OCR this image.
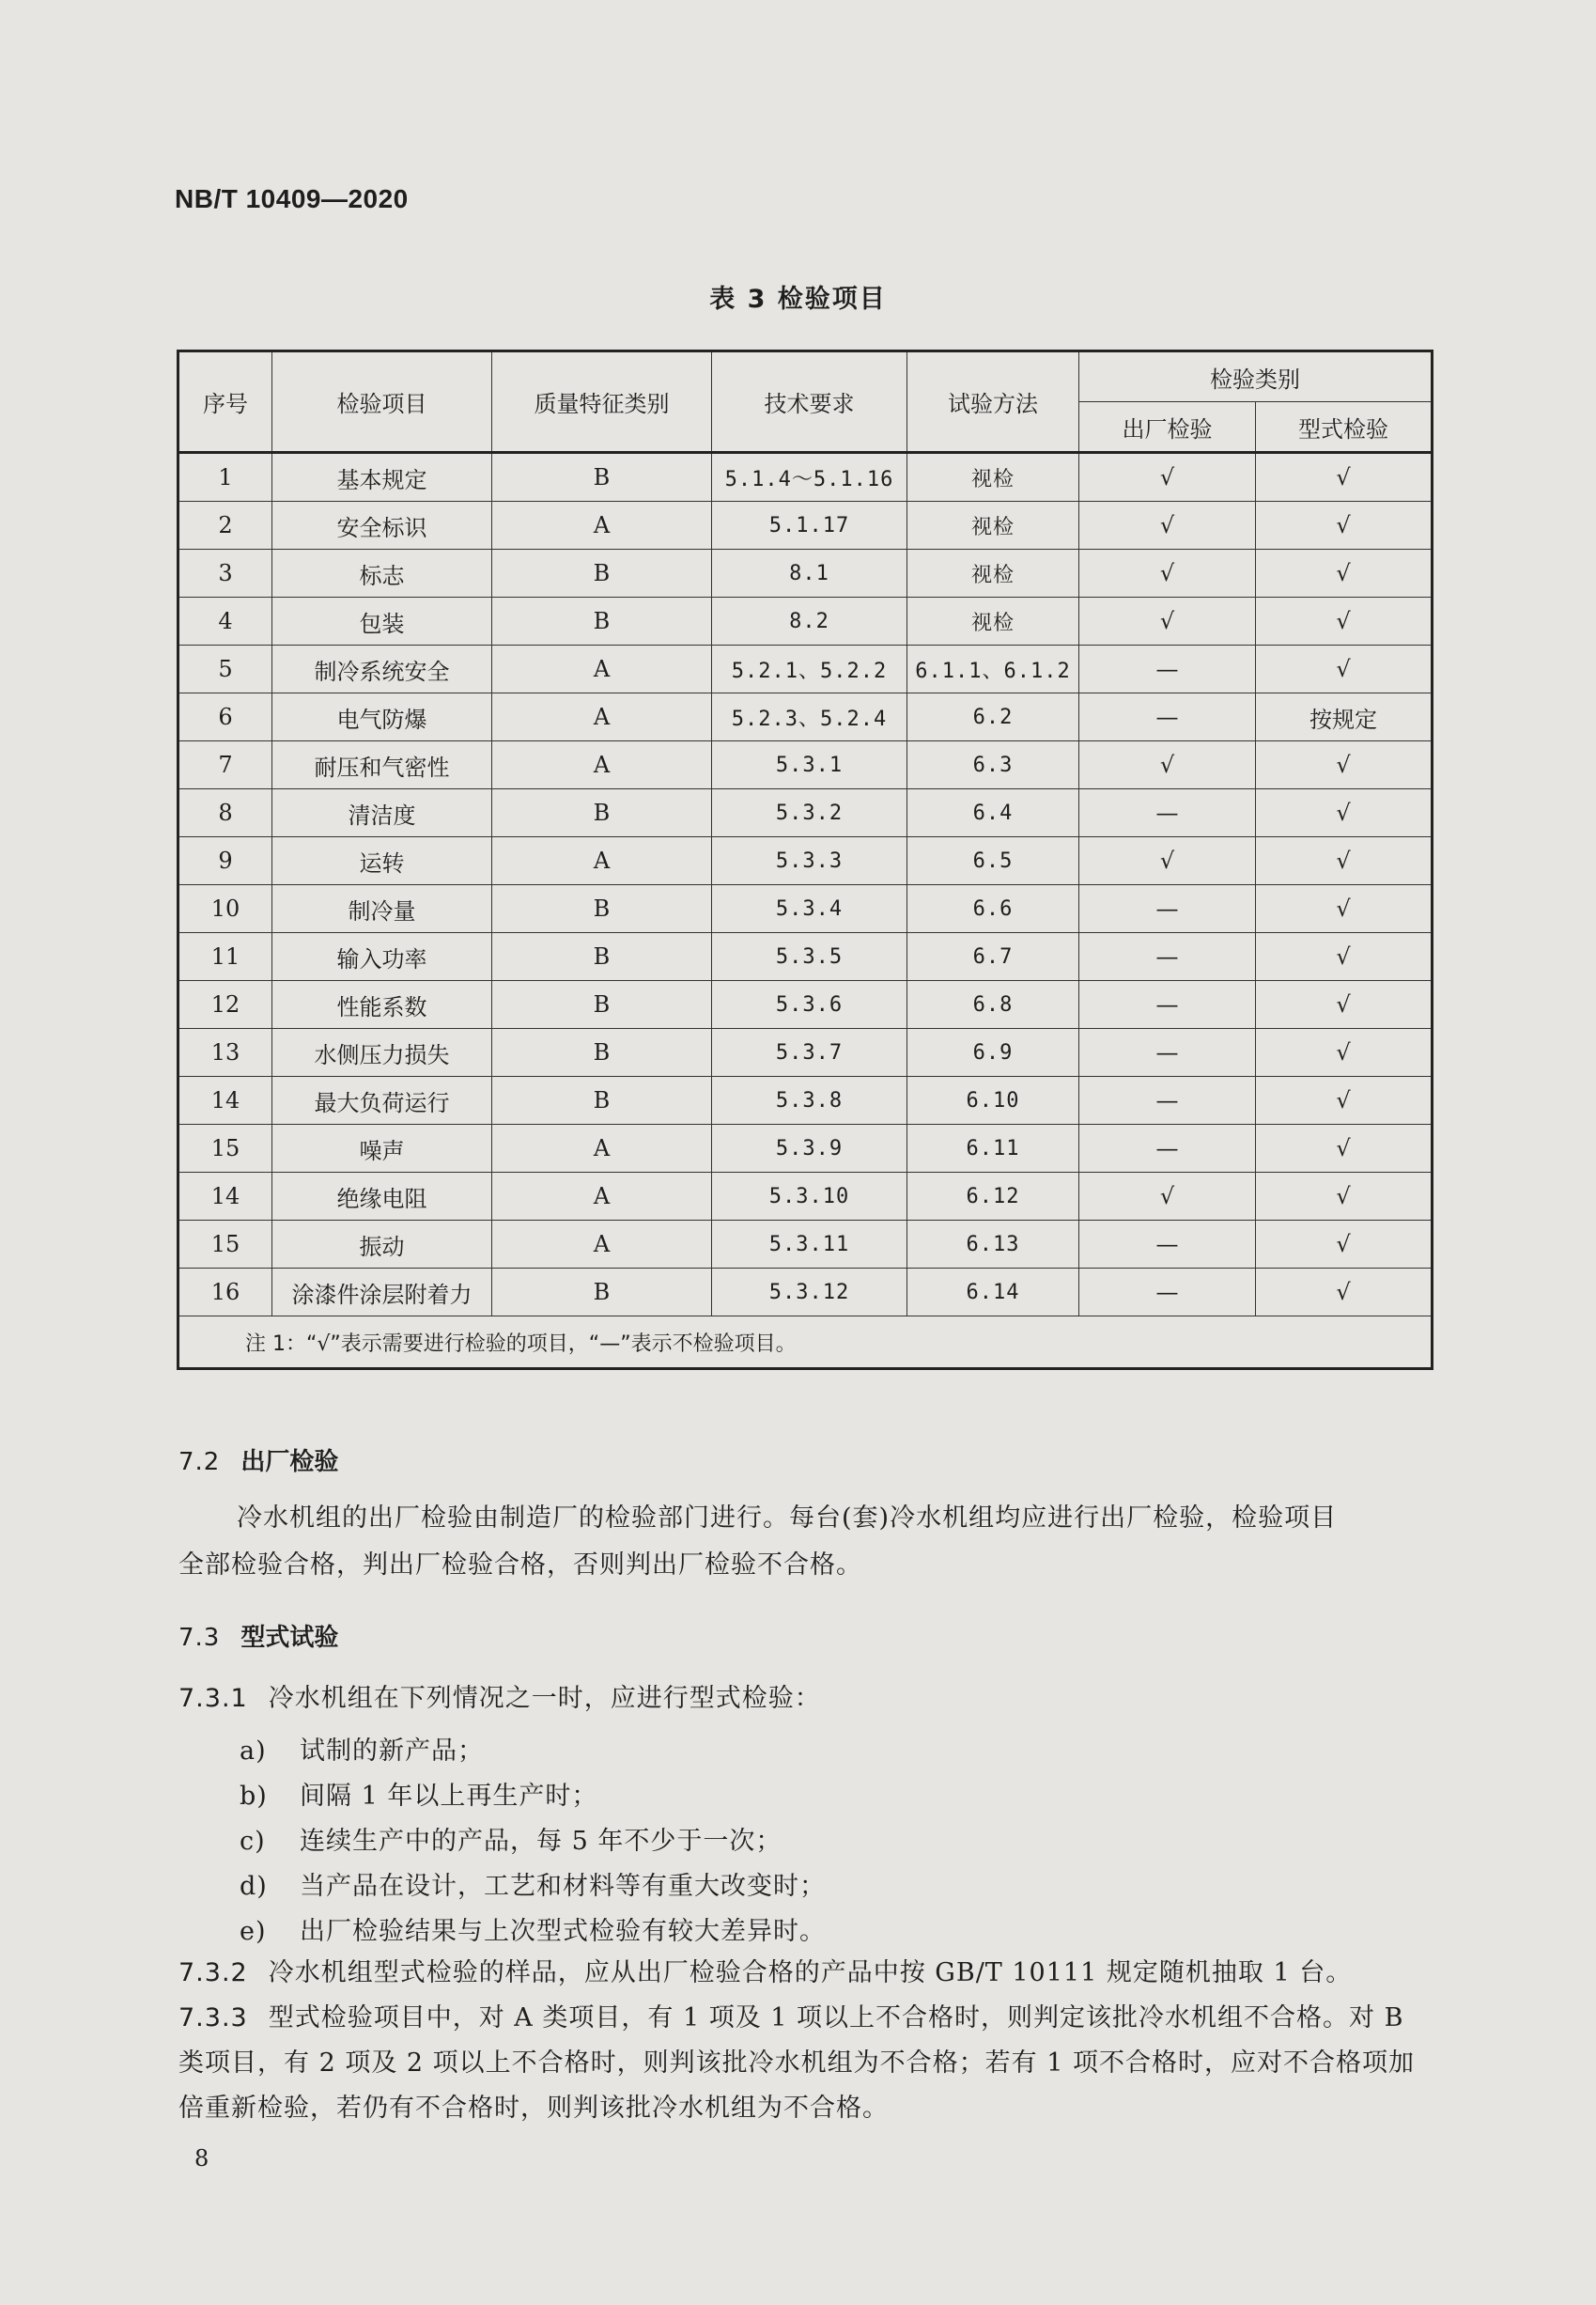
NB/T 10409—2020
表 3 检验项目
序号	检验项目	质量特征类别	技术要求	试验方法	检验类别	
					出厂检验	型式检验
1	基本规定	B	5.1.4～5.1.16	视检	√	√
2	安全标识	A	5.1.17	视检	√	√
3	标志	B	8.1	视检	√	√
4	包装	B	8.2	视检	√	√
5	制冷系统安全	A	5.2.1、5.2.2	6.1.1、6.1.2	—	√
6	电气防爆	A	5.2.3、5.2.4	6.2	—	按规定
7	耐压和气密性	A	5.3.1	6.3	√	√
8	清洁度	B	5.3.2	6.4	—	√
9	运转	A	5.3.3	6.5	√	√
10	制冷量	B	5.3.4	6.6	—	√
11	输入功率	B	5.3.5	6.7	—	√
12	性能系数	B	5.3.6	6.8	—	√
13	水侧压力损失	B	5.3.7	6.9	—	√
14	最大负荷运行	B	5.3.8	6.10	—	√
15	噪声	A	5.3.9	6.11	—	√
14	绝缘电阻	A	5.3.10	6.12	√	√
15	振动	A	5.3.11	6.13	—	√
16	涂漆件涂层附着力	B	5.3.12	6.14	—	√
注 1：“√”表示需要进行检验的项目，“—”表示不检验项目。						
7.2 出厂检验
冷水机组的出厂检验由制造厂的检验部门进行。每台(套)冷水机组均应进行出厂检验，检验项目
全部检验合格，判出厂检验合格，否则判出厂检验不合格。
7.3 型式试验
7.3.1 冷水机组在下列情况之一时，应进行型式检验：
a) 试制的新产品；
b) 间隔 1 年以上再生产时；
c) 连续生产中的产品，每 5 年不少于一次；
d) 当产品在设计，工艺和材料等有重大改变时；
e) 出厂检验结果与上次型式检验有较大差异时。
7.3.2 冷水机组型式检验的样品，应从出厂检验合格的产品中按 GB/T 10111 规定随机抽取 1 台。
7.3.3 型式检验项目中，对 A 类项目，有 1 项及 1 项以上不合格时，则判定该批冷水机组不合格。对 B
类项目，有 2 项及 2 项以上不合格时，则判该批冷水机组为不合格；若有 1 项不合格时，应对不合格项加
倍重新检验，若仍有不合格时，则判该批冷水机组为不合格。
8
